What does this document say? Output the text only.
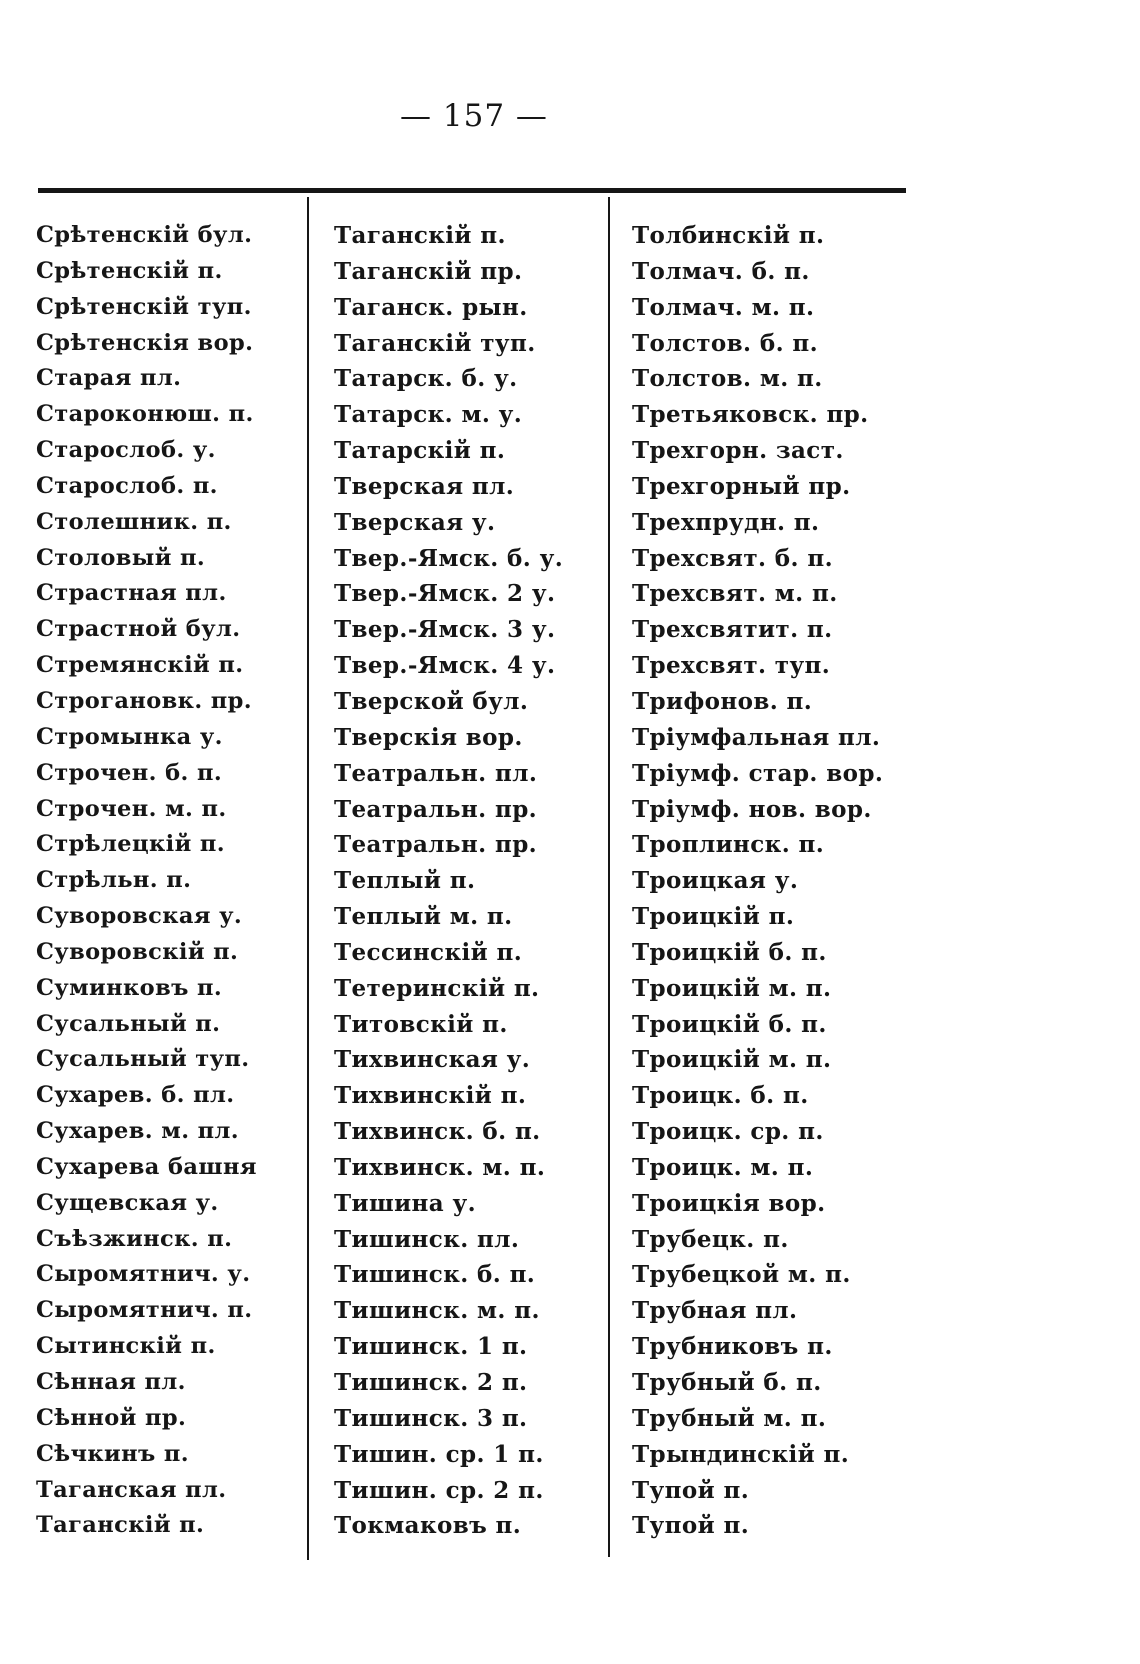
— 157 —
Срѣтенскій бул.
Срѣтенскій п.
Срѣтенскій туп.
Срѣтенскія вор.
Старая пл.
Староконюш. п.
Старослоб. у.
Старослоб. п.
Столешник. п.
Столовый п.
Страстная пл.
Страстной бул.
Стремянскій п.
Строгановк. пр.
Стромынка у.
Строчен. б. п.
Строчен. м. п.
Стрѣлецкій п.
Стрѣльн. п.
Суворовская у.
Суворовскій п.
Суминковъ п.
Сусальный п.
Сусальный туп.
Сухарев. б. пл.
Сухарев. м. пл.
Сухарева башня
Сущевская у.
Съѣзжинск. п.
Сыромятнич. у.
Сыромятнич. п.
Сытинскій п.
Сѣнная пл.
Сѣнной пр.
Сѣчкинъ п.
Таганская пл.
Таганскій п.
Таганскій п.
Таганскій пр.
Таганск. рын.
Таганскій туп.
Татарск. б. у.
Татарск. м. у.
Татарскій п.
Тверская пл.
Тверская у.
Твер.-Ямск. б. у.
Твер.-Ямск. 2 у.
Твер.-Ямск. 3 у.
Твер.-Ямск. 4 у.
Тверской бул.
Тверскія вор.
Театральн. пл.
Театральн. пр.
Театральн. пр.
Теплый п.
Теплый м. п.
Тессинскій п.
Тетеринскій п.
Титовскій п.
Тихвинская у.
Тихвинскій п.
Тихвинск. б. п.
Тихвинск. м. п.
Тишина у.
Тишинск. пл.
Тишинск. б. п.
Тишинск. м. п.
Тишинск. 1 п.
Тишинск. 2 п.
Тишинск. 3 п.
Тишин. ср. 1 п.
Тишин. ср. 2 п.
Токмаковъ п.
Толбинскій п.
Толмач. б. п.
Толмач. м. п.
Толстов. б. п.
Толстов. м. п.
Третьяковск. пр.
Трехгорн. заст.
Трехгорный пр.
Трехпрудн. п.
Трехсвят. б. п.
Трехсвят. м. п.
Трехсвятит. п.
Трехсвят. туп.
Трифонов. п.
Тріумфальная пл.
Тріумф. стар. вор.
Тріумф. нов. вор.
Троплинск. п.
Троицкая у.
Троицкій п.
Троицкій б. п.
Троицкій м. п.
Троицкій б. п.
Троицкій м. п.
Троицк. б. п.
Троицк. ср. п.
Троицк. м. п.
Троицкія вор.
Трубецк. п.
Трубецкой м. п.
Трубная пл.
Трубниковъ п.
Трубный б. п.
Трубный м. п.
Трындинскій п.
Тупой п.
Тупой п.
